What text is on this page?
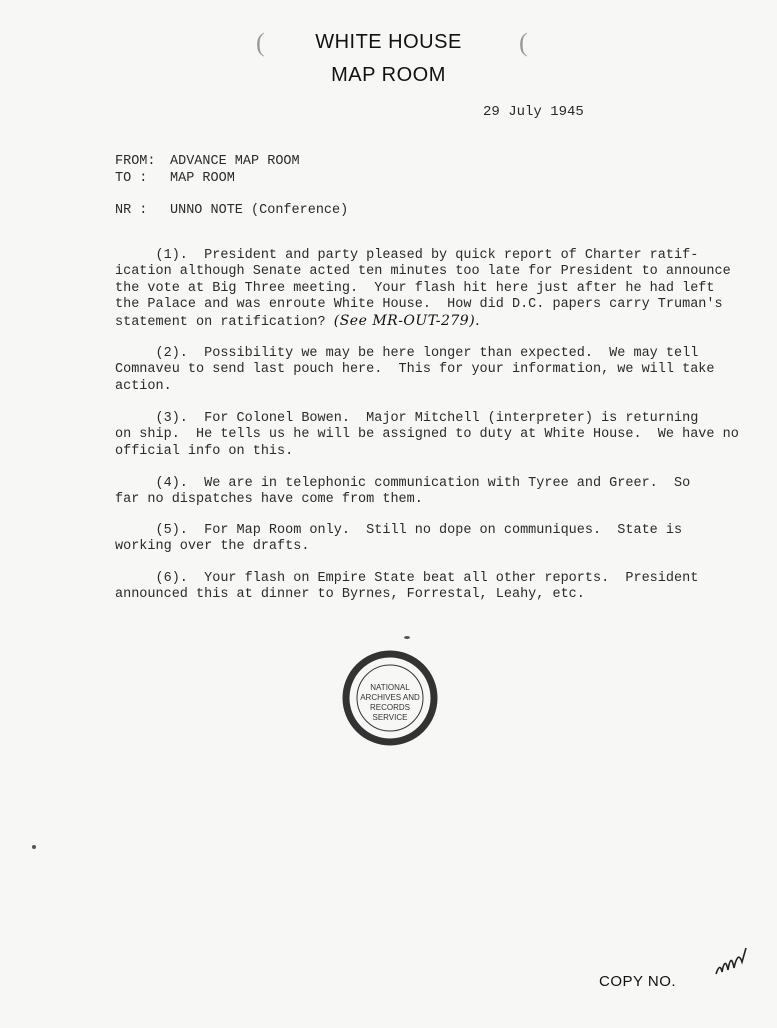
(	(
WHITE HOUSE
MAP ROOM
29 July 1945
FROM: ADVANCE MAP ROOM
TO : MAP ROOM
NR : UNNO NOTE (Conference)

(1).  President and party pleased by quick report of Charter ratif-
ication although Senate acted ten minutes too late for President to announce
the vote at Big Three meeting.  Your flash hit here just after he had left
the Palace and was enroute White House.  How did D.C. papers carry Truman's
statement on ratification? (See MR-OUT-279).

(2).  Possibility we may be here longer than expected.  We may tell
Comnaveu to send last pouch here.  This for your information, we will take
action.

(3).  For Colonel Bowen.  Major Mitchell (interpreter) is returning
on ship.  He tells us he will be assigned to duty at White House.  We have no
official info on this.

(4).  We are in telephonic communication with Tyree and Greer.  So
far no dispatches have come from them.

(5).  For Map Room only.  Still no dope on communiques.  State is
working over the drafts.

(6).  Your flash on Empire State beat all other reports.  President
announced this at dinner to Byrnes, Forrestal, Leahy, etc.

NATIONAL
ARCHIVES AND
RECORDS
SERVICE
COPY NO.
